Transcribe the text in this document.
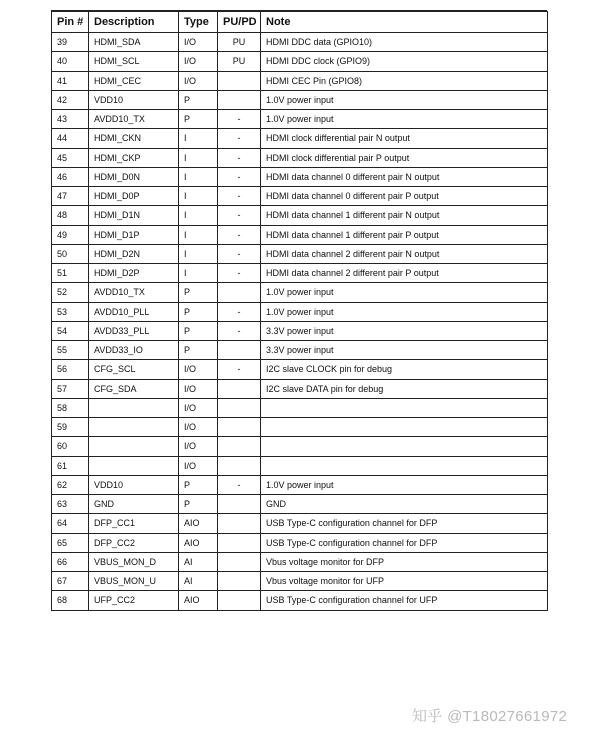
Pin #	Description	Type	PU/PD	Note
39	HDMI_SDA	I/O	PU	HDMI DDC data (GPIO10)
40	HDMI_SCL	I/O	PU	HDMI DDC clock (GPIO9)
41	HDMI_CEC	I/O		HDMI CEC Pin (GPIO8)
42	VDD10	P		1.0V power input
43	AVDD10_TX	P	-	1.0V power input
44	HDMI_CKN	I	-	HDMI clock differential pair N output
45	HDMI_CKP	I	-	HDMI clock differential pair P output
46	HDMI_D0N	I	-	HDMI data channel 0 different pair N output
47	HDMI_D0P	I	-	HDMI data channel 0 different pair P output
48	HDMI_D1N	I	-	HDMI data channel 1 different pair N output
49	HDMI_D1P	I	-	HDMI data channel 1 different pair P output
50	HDMI_D2N	I	-	HDMI data channel 2 different pair N output
51	HDMI_D2P	I	-	HDMI data channel 2 different pair P output
52	AVDD10_TX	P		1.0V power input
53	AVDD10_PLL	P	-	1.0V power input
54	AVDD33_PLL	P	-	3.3V power input
55	AVDD33_IO	P		3.3V power input
56	CFG_SCL	I/O	-	I2C slave CLOCK pin for debug
57	CFG_SDA	I/O		I2C slave DATA pin for debug
58		I/O		
59		I/O		
60		I/O		
61		I/O		
62	VDD10	P	-	1.0V power input
63	GND	P		GND
64	DFP_CC1	AIO		USB Type-C configuration channel for DFP
65	DFP_CC2	AIO		USB Type-C configuration channel for DFP
66	VBUS_MON_D	AI		Vbus voltage monitor for DFP
67	VBUS_MON_U	AI		Vbus voltage monitor for UFP
68	UFP_CC2	AIO		USB Type-C configuration channel for UFP
知乎 @T18027661972
